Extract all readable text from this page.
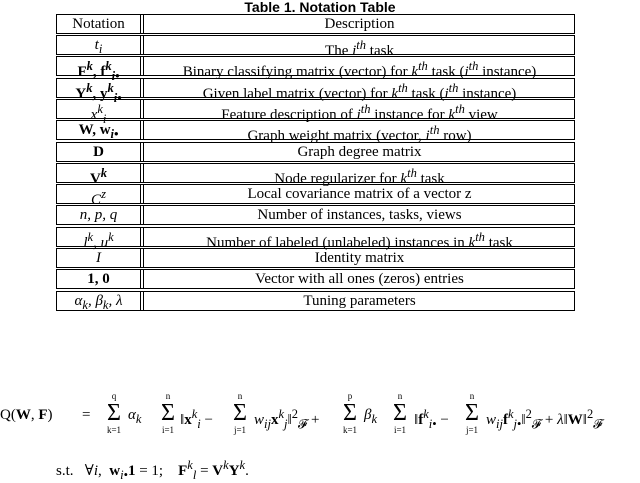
Table 1. Notation Table
Notation	Description
$t_i$	The $i^{th}$ task
$F^k$, $f^k_{i•}$	Binary classifying matrix (vector) for $k^{th}$ task ($i^{th}$ instance)
$Y^k$, $y^k_{i•}$	Given label matrix (vector) for $k^{th}$ task ($i^{th}$ instance)
$x^k_i$	Feature description of $i^{th}$ instance for $k^{th}$ view
W, $w_{i•}$	Graph weight matrix (vector, $i^{th}$ row)
D	Graph degree matrix
$V^k$	Node regularizer for $k^{th}$ task
$C^z$	Local covariance matrix of a vector z
n, p, q	Number of instances, tasks, views
$l^k$, $u^k$	Number of labeled (unlabeled) instances in $k^{th}$ task
I	Identity matrix
1, 0	Vector with all ones (zeros) entries
$\alpha_k$, $\beta_k$, λ	Tuning parameters
Q(W, F) =
q
Σ
k=1
$\alpha_k$
n
Σ
i=1
$‖x^k_i$ −
n
Σ
j=1
$w_{ij}x^k_j‖^2_𝓕$ +
p
Σ
k=1
$\beta_k$
n
Σ
i=1
$‖f^k_{i•}$ −
n
Σ
j=1
$w_{ij}f^k_{j•}‖^2_𝓕$ + λ‖W‖$^2_𝓕$
s.t.   ∀i,  $w_{i•}1 = 1$;    $F^k_l = V^kY^k$.
